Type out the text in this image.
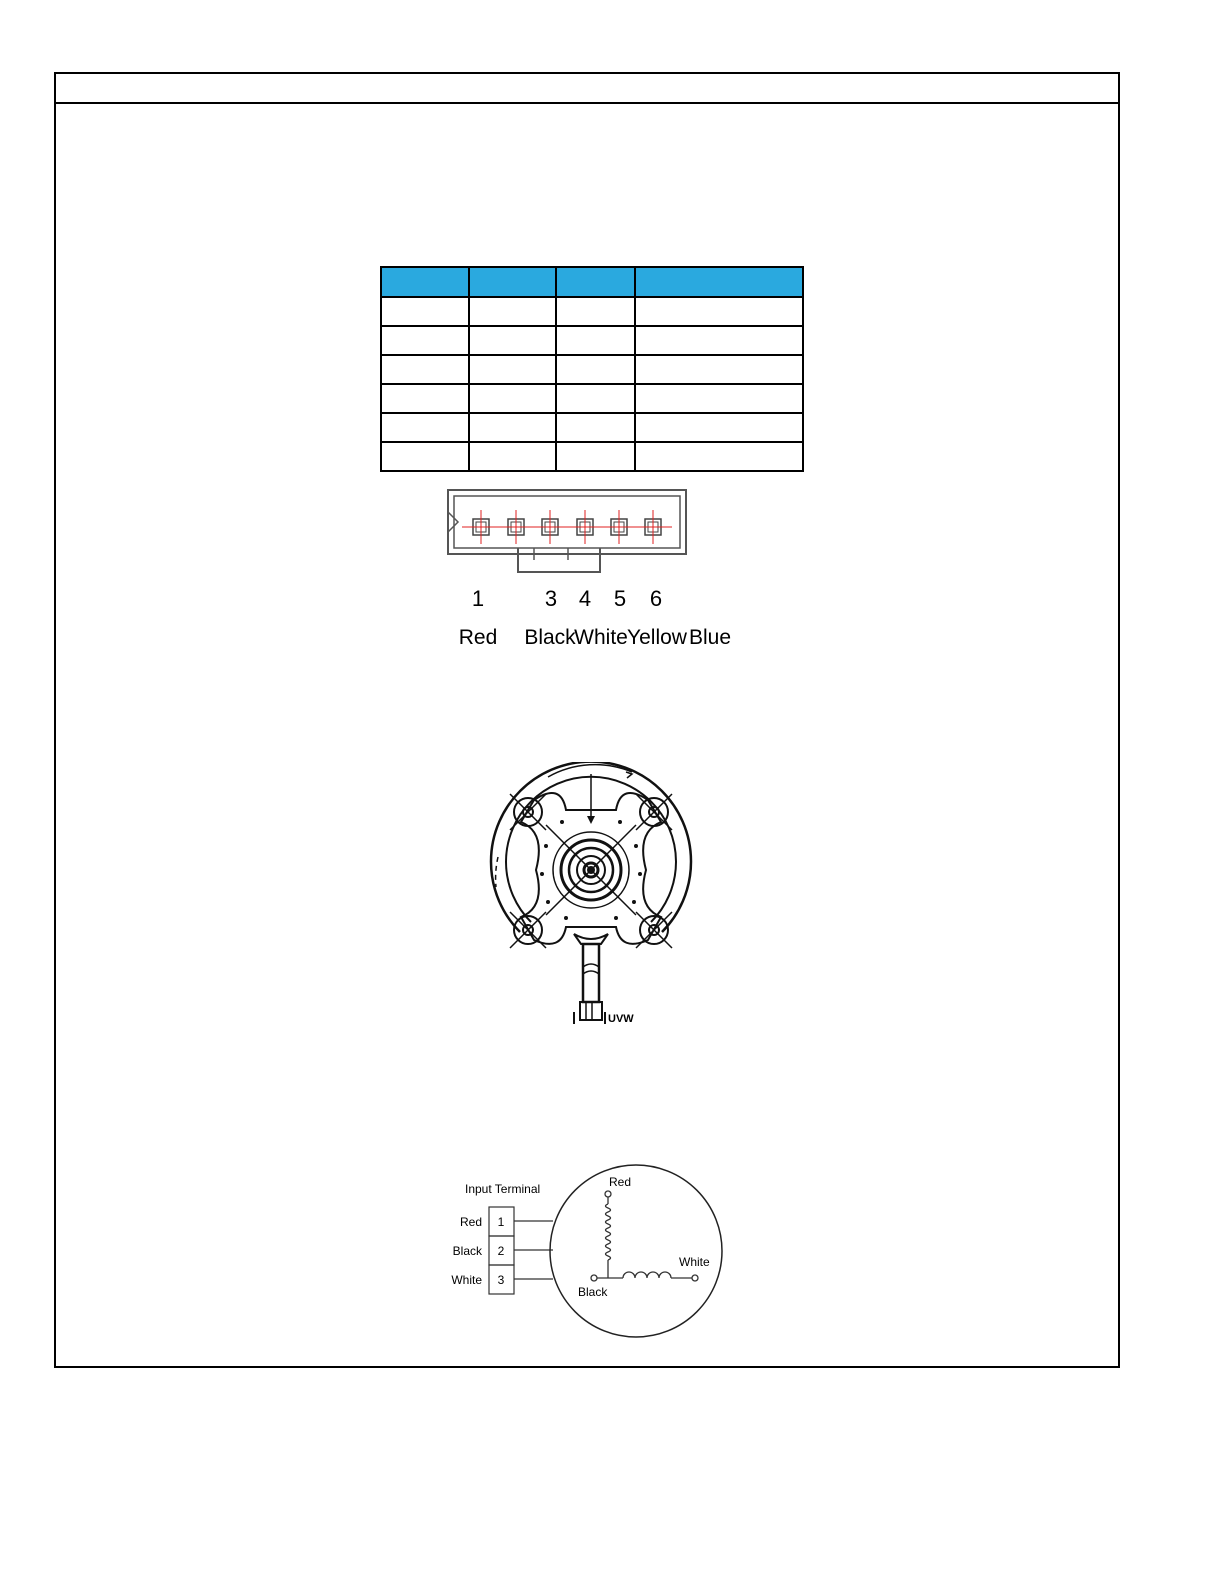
1
Red
3
Black
4
White
5
Yellow
6
Blue
UVW
Input Terminal
1
Red
2
Black
3
White
Red
Black
White
